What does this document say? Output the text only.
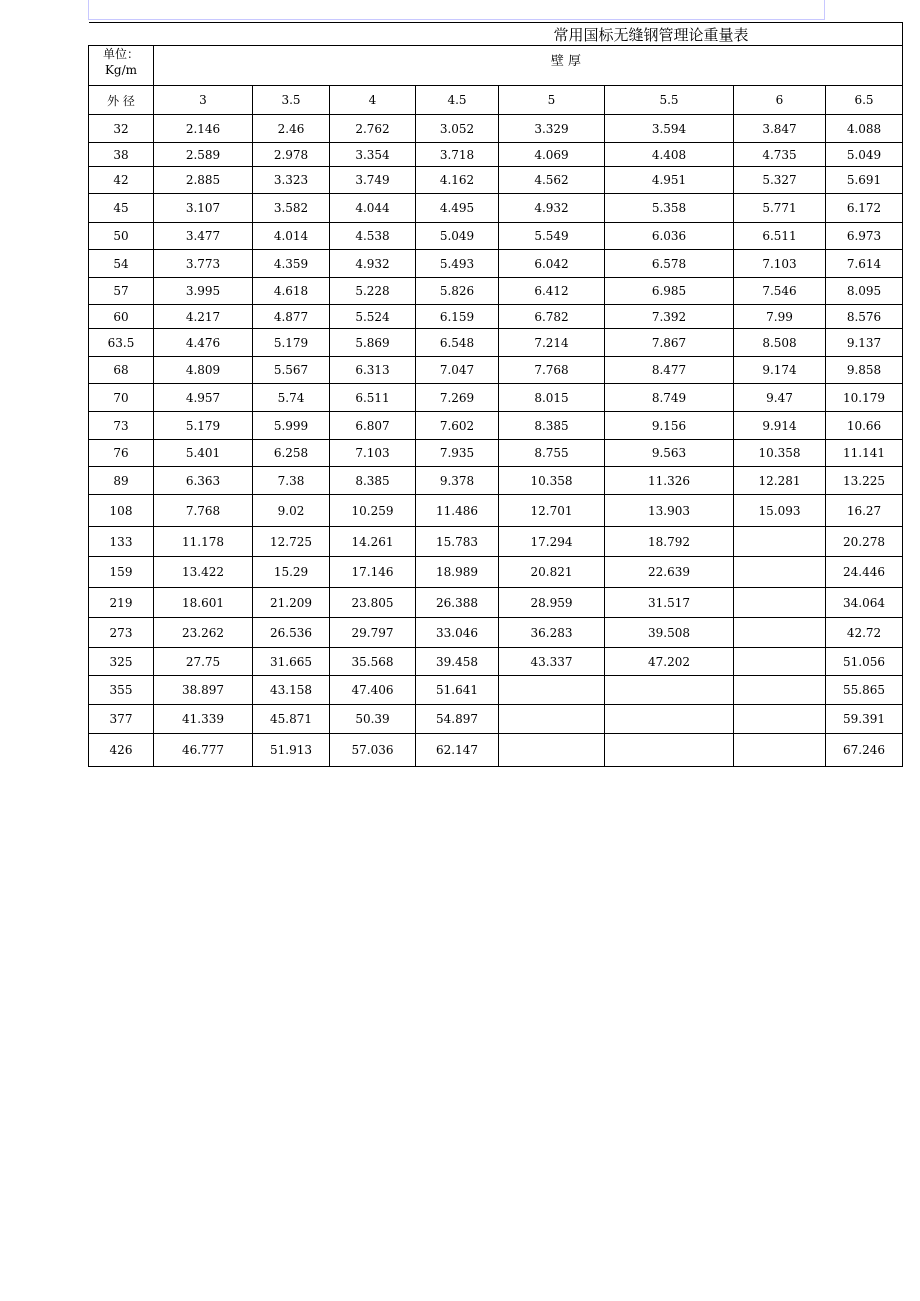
常用国标无缝钢管理论重量表									

单位：
Kg/m	壁 厚								
外 径	3	3.5	4	4.5	5	5.5	6	6.5	
32	2.146	2.46	2.762	3.052	3.329	3.594	3.847	4.088	
38	2.589	2.978	3.354	3.718	4.069	4.408	4.735	5.049	
42	2.885	3.323	3.749	4.162	4.562	4.951	5.327	5.691	
45	3.107	3.582	4.044	4.495	4.932	5.358	5.771	6.172	
50	3.477	4.014	4.538	5.049	5.549	6.036	6.511	6.973	
54	3.773	4.359	4.932	5.493	6.042	6.578	7.103	7.614	
57	3.995	4.618	5.228	5.826	6.412	6.985	7.546	8.095	
60	4.217	4.877	5.524	6.159	6.782	7.392	7.99	8.576	
63.5	4.476	5.179	5.869	6.548	7.214	7.867	8.508	9.137	
68	4.809	5.567	6.313	7.047	7.768	8.477	9.174	9.858	
70	4.957	5.74	6.511	7.269	8.015	8.749	9.47	10.179	
73	5.179	5.999	6.807	7.602	8.385	9.156	9.914	10.66	
76	5.401	6.258	7.103	7.935	8.755	9.563	10.358	11.141	
89	6.363	7.38	8.385	9.378	10.358	11.326	12.281	13.225	
108	7.768	9.02	10.259	11.486	12.701	13.903	15.093	16.27	
133	11.178	12.725	14.261	15.783	17.294	18.792		20.278	
159	13.422	15.29	17.146	18.989	20.821	22.639		24.446	
219	18.601	21.209	23.805	26.388	28.959	31.517		34.064	
273	23.262	26.536	29.797	33.046	36.283	39.508		42.72	
325	27.75	31.665	35.568	39.458	43.337	47.202		51.056	
355	38.897	43.158	47.406	51.641				55.865	
377	41.339	45.871	50.39	54.897				59.391	
426	46.777	51.913	57.036	62.147				67.246	
